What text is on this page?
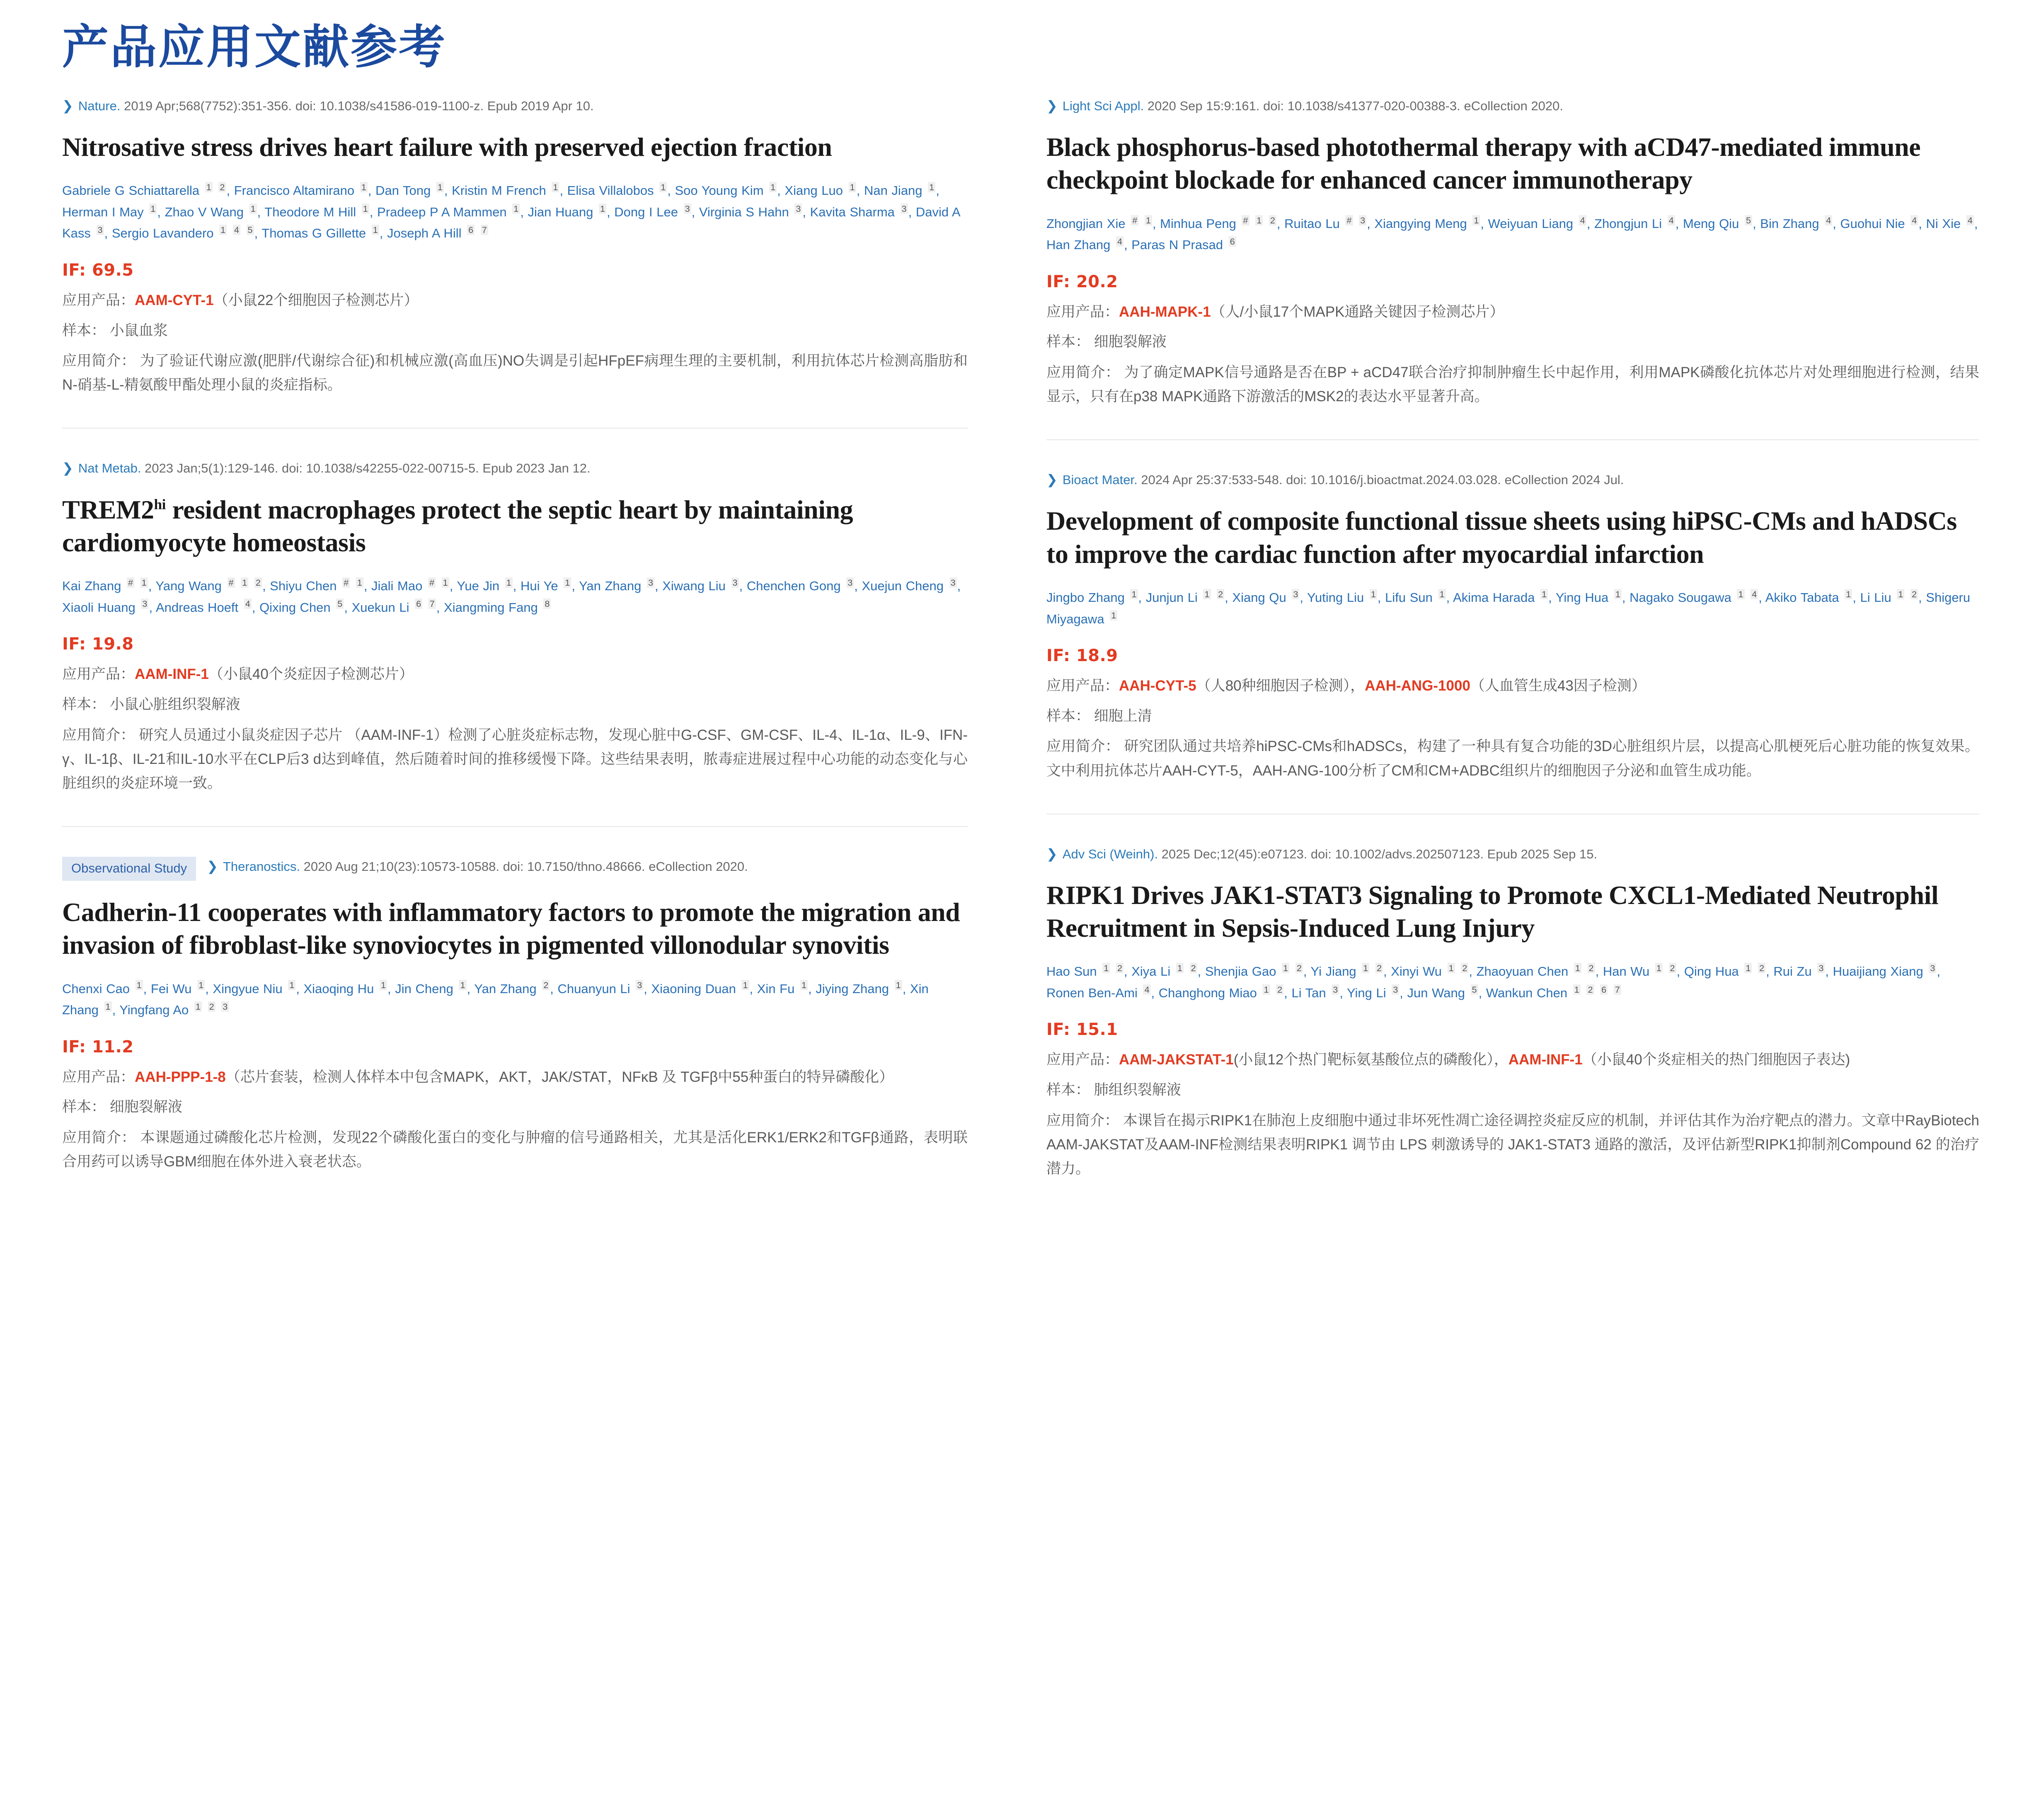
产品应用文献参考
❯ Nature. 2019 Apr;568(7752):351-356. doi: 10.1038/s41586-019-1100-z. Epub 2019 Apr 10.
Nitrosative stress drives heart failure with preserved ejection fraction
Gabriele G Schiattarella $^1$ $^2$ , Francisco Altamirano $^1$ , Dan Tong $^1$ , Kristin M French $^1$ , Elisa Villalobos $^1$ , Soo Young Kim $^1$ , Xiang Luo $^1$ , Nan Jiang $^1$ , Herman I May $^1$ , Zhao V Wang $^1$ , Theodore M Hill $^1$ , Pradeep P A Mammen $^1$ , Jian Huang $^1$ , Dong I Lee $^3$ , Virginia S Hahn $^3$ , Kavita Sharma $^3$ , David A Kass $^3$ , Sergio Lavandero $^1$ $^4$ $^5$ , Thomas G Gillette $^1$ , Joseph A Hill $^6$ $^7$
IF: 69.5
应用产品：AAM-CYT-1（小鼠22个细胞因子检测芯片）
样本： 小鼠血浆
应用简介： 为了验证代谢应激(肥胖/代谢综合征)和机械应激(高血压)NO失调是引起HFpEF病理生理的主要机制，利用抗体芯片检测高脂肪和N-硝基-L-精氨酸甲酯处理小鼠的炎症指标。
❯ Nat Metab. 2023 Jan;5(1):129-146. doi: 10.1038/s42255-022-00715-5. Epub 2023 Jan 12.
$TREM2^{hi}$ resident macrophages protect the septic heart by maintaining cardiomyocyte homeostasis
Kai Zhang # $^1$ , Yang Wang # $^1$ $^2$ , Shiyu Chen # $^1$ , Jiali Mao # $^1$ , Yue Jin $^1$ , Hui Ye $^1$ , Yan Zhang $^3$ , Xiwang Liu $^3$ , Chenchen Gong $^3$ , Xuejun Cheng $^3$ , Xiaoli Huang $^3$ , Andreas Hoeft $^4$ , Qixing Chen $^5$ , Xuekun Li $^6$ $^7$ , Xiangming Fang $^8$
IF: 19.8
应用产品：AAM-INF-1（小鼠40个炎症因子检测芯片）
样本： 小鼠心脏组织裂解液
应用简介： 研究人员通过小鼠炎症因子芯片 （AAM-INF-1）检测了心脏炎症标志物，发现心脏中G-CSF、GM-CSF、IL-4、IL-1α、IL-9、IFN-γ、IL-1β、IL-21和IL-10水平在CLP后3 d达到峰值，然后随着时间的推移缓慢下降。这些结果表明，脓毒症进展过程中心功能的动态变化与心脏组织的炎症环境一致。
Observational Study	❯ Theranostics. 2020 Aug 21;10(23):10573-10588. doi: 10.7150/thno.48666. eCollection 2020.
Cadherin-11 cooperates with inflammatory factors to promote the migration and invasion of fibroblast-like synoviocytes in pigmented villonodular synovitis
Chenxi Cao $^1$ , Fei Wu $^1$ , Xingyue Niu $^1$ , Xiaoqing Hu $^1$ , Jin Cheng $^1$ , Yan Zhang $^2$ , Chuanyun Li $^3$ , Xiaoning Duan $^1$ , Xin Fu $^1$ , Jiying Zhang $^1$ , Xin Zhang $^1$ , Yingfang Ao $^1$ $^2$ $^3$
IF: 11.2
应用产品：AAH-PPP-1-8（芯片套装，检测人体样本中包含MAPK，AKT，JAK/STAT，NFκB 及 TGFβ中55种蛋白的特异磷酸化）
样本： 细胞裂解液
应用简介： 本课题通过磷酸化芯片检测，发现22个磷酸化蛋白的变化与肿瘤的信号通路相关，尤其是活化ERK1/ERK2和TGFβ通路，表明联合用药可以诱导GBM细胞在体外进入衰老状态。
❯ Light Sci Appl. 2020 Sep 15:9:161. doi: 10.1038/s41377-020-00388-3. eCollection 2020.
Black phosphorus-based photothermal therapy with aCD47-mediated immune checkpoint blockade for enhanced cancer immunotherapy
Zhongjian Xie # $^1$ , Minhua Peng # $^1$ $^2$ , Ruitao Lu # $^3$ , Xiangying Meng $^1$ , Weiyuan Liang $^4$ , Zhongjun Li $^4$ , Meng Qiu $^5$ , Bin Zhang $^4$ , Guohui Nie $^4$ , Ni Xie $^4$ , Han Zhang $^4$ , Paras N Prasad $^6$
IF: 20.2
应用产品：AAH-MAPK-1（人/小鼠17个MAPK通路关键因子检测芯片）
样本： 细胞裂解液
应用简介： 为了确定MAPK信号通路是否在BP + aCD47联合治疗抑制肿瘤生长中起作用，利用MAPK磷酸化抗体芯片对处理细胞进行检测，结果显示，只有在p38 MAPK通路下游激活的MSK2的表达水平显著升高。
❯ Bioact Mater. 2024 Apr 25:37:533-548. doi: 10.1016/j.bioactmat.2024.03.028. eCollection 2024 Jul.
Development of composite functional tissue sheets using hiPSC-CMs and hADSCs to improve the cardiac function after myocardial infarction
Jingbo Zhang $^1$ , Junjun Li $^1$ $^2$ , Xiang Qu $^3$ , Yuting Liu $^1$ , Lifu Sun $^1$ , Akima Harada $^1$ , Ying Hua $^1$ , Nagako Sougawa $^1$ $^4$ , Akiko Tabata $^1$ , Li Liu $^1$ $^2$ , Shigeru Miyagawa $^1$
IF: 18.9
应用产品：AAH-CYT-5（人80种细胞因子检测），AAH-ANG-1000（人血管生成43因子检测）
样本： 细胞上清
应用简介： 研究团队通过共培养hiPSC-CMs和hADSCs，构建了一种具有复合功能的3D心脏组织片层，以提高心肌梗死后心脏功能的恢复效果。文中利用抗体芯片AAH-CYT-5，AAH-ANG-100分析了CM和CM+ADBC组织片的细胞因子分泌和血管生成功能。
❯ Adv Sci (Weinh). 2025 Dec;12(45):e07123. doi: 10.1002/advs.202507123. Epub 2025 Sep 15.
RIPK1 Drives JAK1-STAT3 Signaling to Promote CXCL1-Mediated Neutrophil Recruitment in Sepsis-Induced Lung Injury
Hao Sun $^1$ $^2$ , Xiya Li $^1$ $^2$ , Shenjia Gao $^1$ $^2$ , Yi Jiang $^1$ $^2$ , Xinyi Wu $^1$ $^2$ , Zhaoyuan Chen $^1$ $^2$ , Han Wu $^1$ $^2$ , Qing Hua $^1$ $^2$ , Rui Zu $^3$ , Huaijiang Xiang $^3$ , Ronen Ben-Ami $^4$ , Changhong Miao $^1$ $^2$ , Li Tan $^3$ , Ying Li $^3$ , Jun Wang $^5$ , Wankun Chen $^1$ $^2$ $^6$ $^7$
IF: 15.1
应用产品：AAM-JAKSTAT-1(小鼠12个热门靶标氨基酸位点的磷酸化），AAM-INF-1（小鼠40个炎症相关的热门细胞因子表达)
样本： 肺组织裂解液
应用简介： 本课旨在揭示RIPK1在肺泡上皮细胞中通过非坏死性凋亡途径调控炎症反应的机制，并评估其作为治疗靶点的潜力。文章中RayBiotech AAM-JAKSTAT及AAM-INF检测结果表明RIPK1 调节由 LPS 刺激诱导的 JAK1-STAT3 通路的激活，及评估新型RIPK1抑制剂Compound 62 的治疗潜力。
